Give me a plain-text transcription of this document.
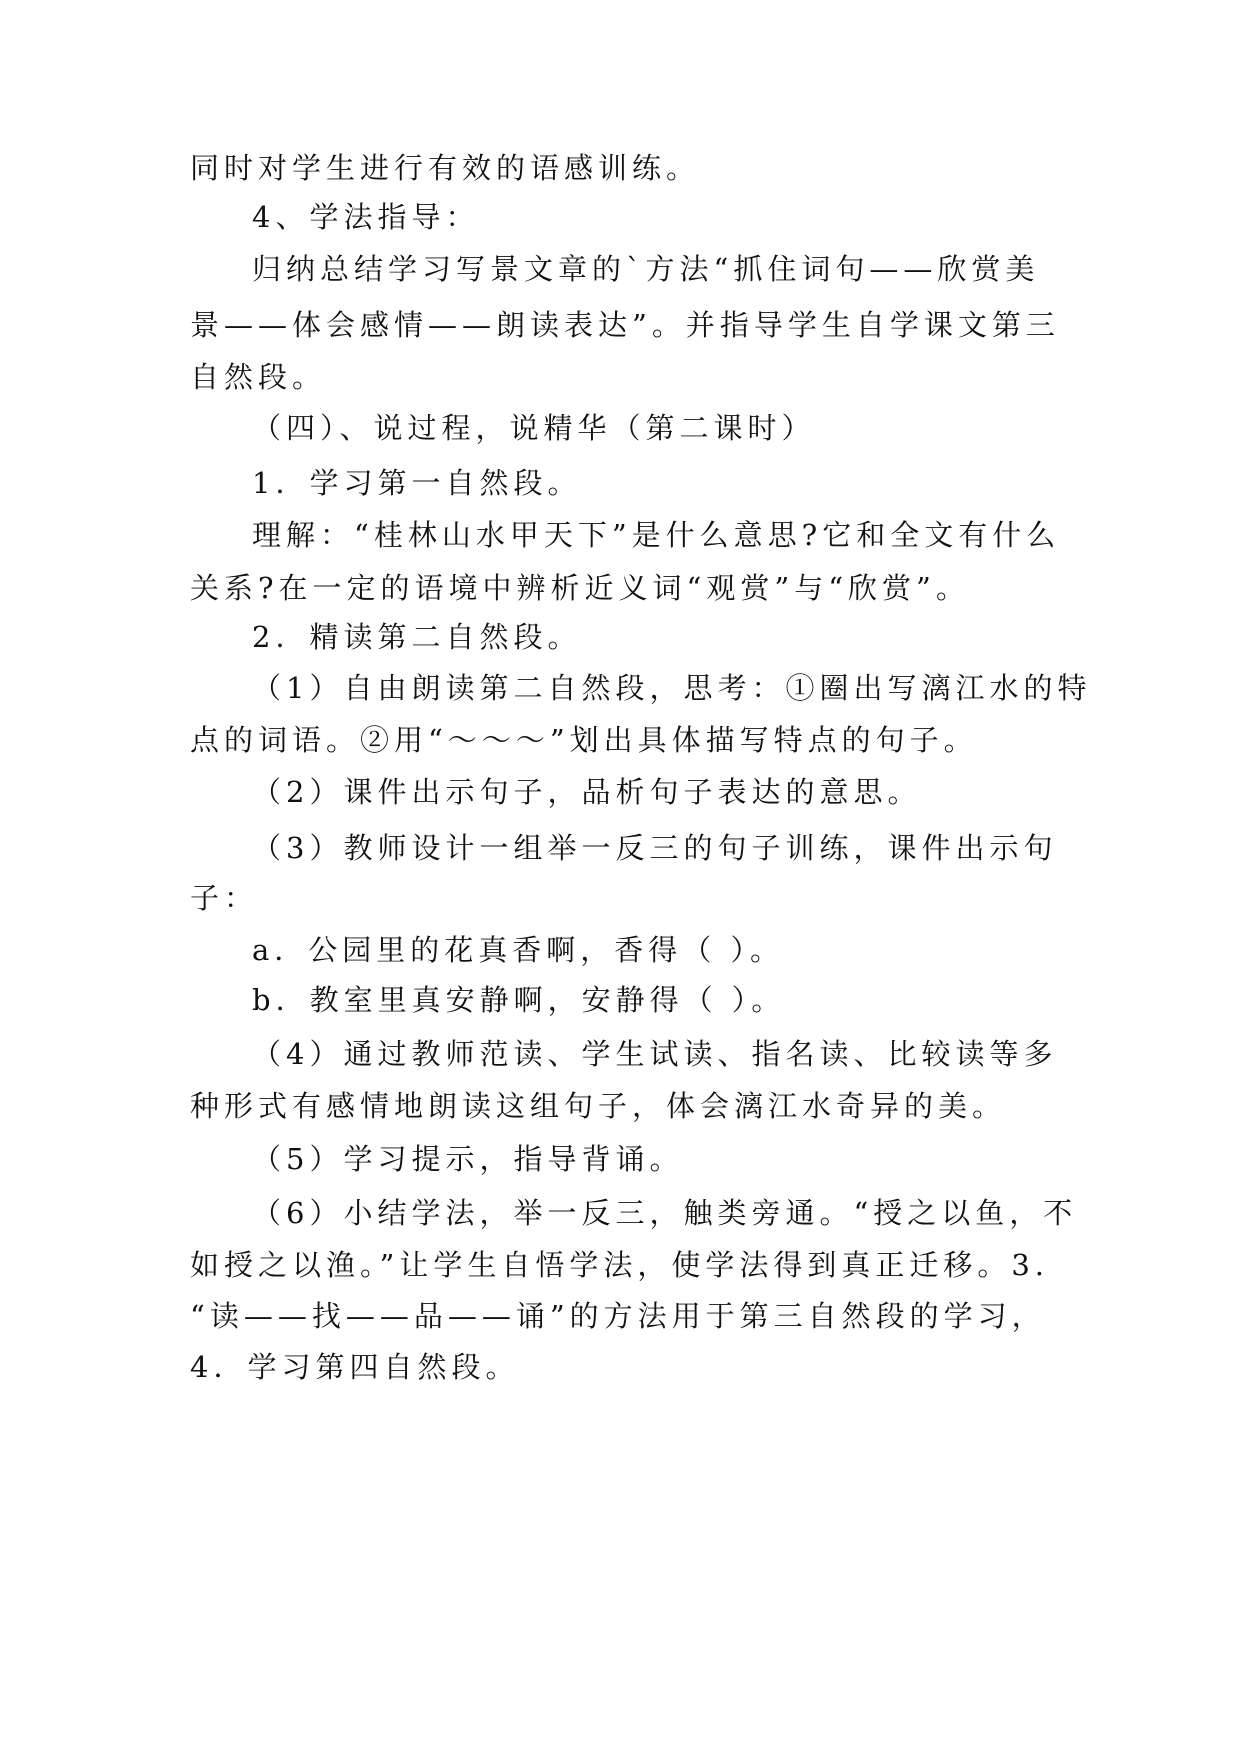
同时对学生进行有效的语感训练。
4、学法指导：
归纳总结学习写景文章的`方法“抓住词句——欣赏美
景——体会感情——朗读表达”。并指导学生自学课文第三
自然段。
（四）、说过程，说精华（第二课时）
1．学习第一自然段。
理解：“桂林山水甲天下”是什么意思?它和全文有什么
关系?在一定的语境中辨析近义词“观赏”与“欣赏”。
2．精读第二自然段。
（1）自由朗读第二自然段，思考：①圈出写漓江水的特
点的词语。②用“～～～”划出具体描写特点的句子。
（2）课件出示句子，品析句子表达的意思。
（3）教师设计一组举一反三的句子训练，课件出示句
子：
a．公园里的花真香啊，香得（ ）。
b．教室里真安静啊，安静得（ ）。
（4）通过教师范读、学生试读、指名读、比较读等多
种形式有感情地朗读这组句子，体会漓江水奇异的美。
（5）学习提示，指导背诵。
（6）小结学法，举一反三，触类旁通。“授之以鱼，不
如授之以渔。”让学生自悟学法，使学法得到真正迁移。3.
“读——找——品——诵”的方法用于第三自然段的学习，
4．学习第四自然段。
